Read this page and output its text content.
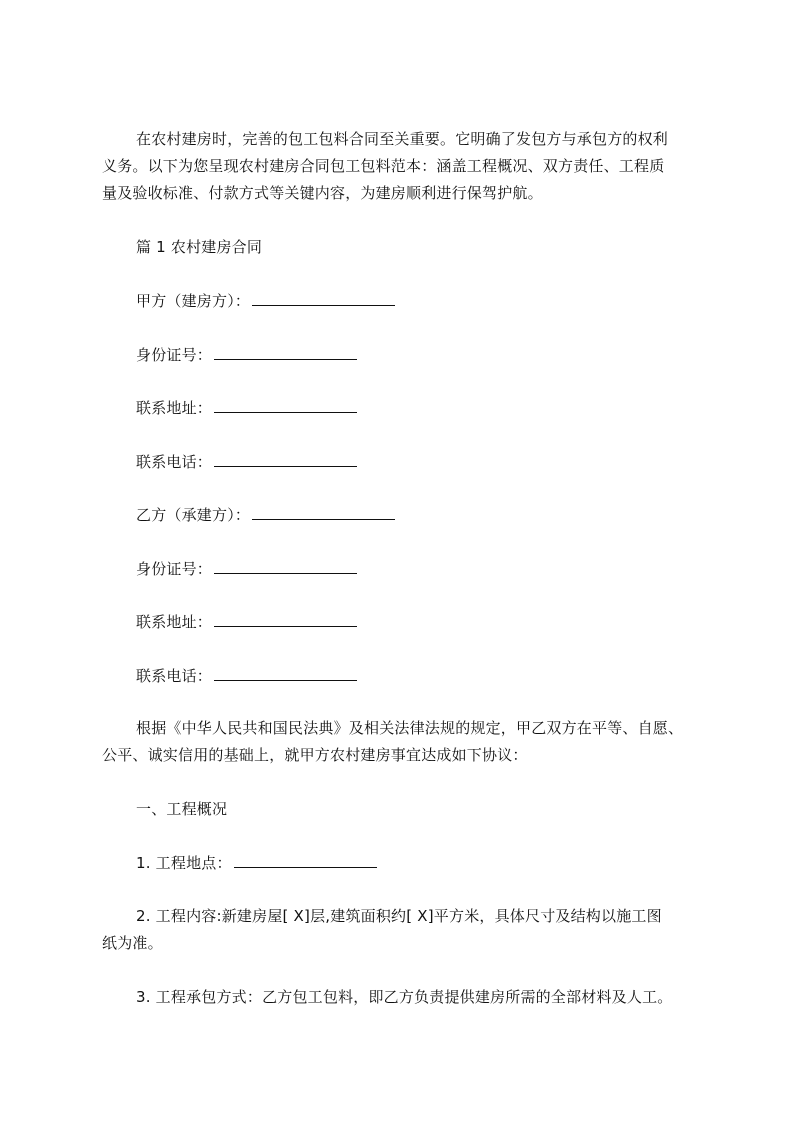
在农村建房时，完善的包工包料合同至关重要。它明确了发包方与承包方的权利
义务。以下为您呈现农村建房合同包工包料范本：涵盖工程概况、双方责任、工程质
量及验收标准、付款方式等关键内容，为建房顺利进行保驾护航。
篇 1 农村建房合同
甲方（建房方）：
身份证号：
联系地址：
联系电话：
乙方（承建方）：
身份证号：
联系地址：
联系电话：
根据《中华人民共和国民法典》及相关法律法规的规定，甲乙双方在平等、自愿、
公平、诚实信用的基础上，就甲方农村建房事宜达成如下协议：
一、工程概况
1. 工程地点：
2. 工程内容:新建房屋[ X]层,建筑面积约[ X]平方米，具体尺寸及结构以施工图
纸为准。
3. 工程承包方式：乙方包工包料，即乙方负责提供建房所需的全部材料及人工。
